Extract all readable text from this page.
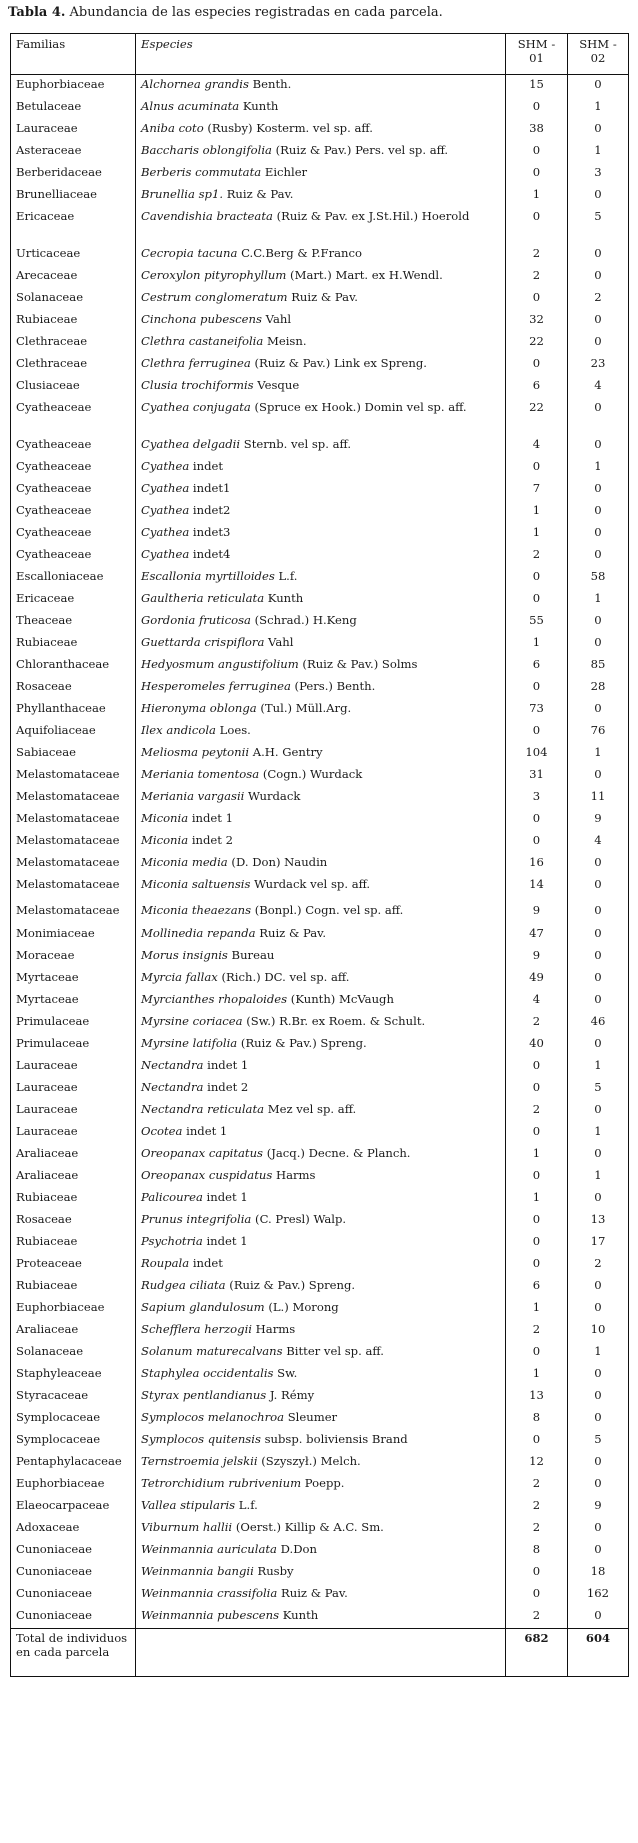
Tabla 4. Abundancia de las especies registradas en cada parcela.
Familias	Especies	SHM - 01	SHM - 02
Euphorbiaceae	Alchornea grandis Benth.	15	0
Betulaceae	Alnus acuminata Kunth	0	1
Lauraceae	Aniba coto (Rusby) Kosterm. vel sp. aff.	38	0
Asteraceae	Baccharis oblongifolia (Ruiz & Pav.) Pers. vel sp. aff.	0	1
Berberidaceae	Berberis commutata Eichler	0	3
Brunelliaceae	Brunellia sp1. Ruiz & Pav.	1	0
Ericaceae	Cavendishia bracteata (Ruiz & Pav. ex J.St.Hil.) Hoerold	0	5
Urticaceae	Cecropia tacuna C.C.Berg & P.Franco	2	0
Arecaceae	Ceroxylon pityrophyllum (Mart.) Mart. ex H.Wendl.	2	0
Solanaceae	Cestrum conglomeratum Ruiz & Pav.	0	2
Rubiaceae	Cinchona pubescens Vahl	32	0
Clethraceae	Clethra castaneifolia Meisn.	22	0
Clethraceae	Clethra ferruginea (Ruiz & Pav.) Link ex Spreng.	0	23
Clusiaceae	Clusia trochiformis Vesque	6	4
Cyatheaceae	Cyathea conjugata (Spruce ex Hook.) Domin vel sp. aff.	22	0
Cyatheaceae	Cyathea delgadii Sternb. vel sp. aff.	4	0
Cyatheaceae	Cyathea indet	0	1
Cyatheaceae	Cyathea indet1	7	0
Cyatheaceae	Cyathea indet2	1	0
Cyatheaceae	Cyathea indet3	1	0
Cyatheaceae	Cyathea indet4	2	0
Escalloniaceae	Escallonia myrtilloides L.f.	0	58
Ericaceae	Gaultheria reticulata Kunth	0	1
Theaceae	Gordonia fruticosa (Schrad.) H.Keng	55	0
Rubiaceae	Guettarda crispiflora Vahl	1	0
Chloranthaceae	Hedyosmum angustifolium (Ruiz & Pav.) Solms	6	85
Rosaceae	Hesperomeles ferruginea (Pers.) Benth.	0	28
Phyllanthaceae	Hieronyma oblonga (Tul.) Müll.Arg.	73	0
Aquifoliaceae	Ilex andicola Loes.	0	76
Sabiaceae	Meliosma peytonii A.H. Gentry	104	1
Melastomataceae	Meriania tomentosa (Cogn.) Wurdack	31	0
Melastomataceae	Meriania vargasii Wurdack	3	11
Melastomataceae	Miconia indet 1	0	9
Melastomataceae	Miconia indet 2	0	4
Melastomataceae	Miconia media (D. Don) Naudin	16	0
Melastomataceae	Miconia saltuensis Wurdack vel sp. aff.	14	0
Melastomataceae	Miconia theaezans (Bonpl.) Cogn. vel sp. aff.	9	0
Monimiaceae	Mollinedia repanda Ruiz & Pav.	47	0
Moraceae	Morus insignis Bureau	9	0
Myrtaceae	Myrcia fallax (Rich.) DC. vel sp. aff.	49	0
Myrtaceae	Myrcianthes rhopaloides (Kunth) McVaugh	4	0
Primulaceae	Myrsine coriacea (Sw.) R.Br. ex Roem. & Schult.	2	46
Primulaceae	Myrsine latifolia (Ruiz & Pav.) Spreng.	40	0
Lauraceae	Nectandra indet 1	0	1
Lauraceae	Nectandra indet 2	0	5
Lauraceae	Nectandra reticulata Mez vel sp. aff.	2	0
Lauraceae	Ocotea indet 1	0	1
Araliaceae	Oreopanax capitatus (Jacq.) Decne. & Planch.	1	0
Araliaceae	Oreopanax cuspidatus Harms	0	1
Rubiaceae	Palicourea indet 1	1	0
Rosaceae	Prunus integrifolia (C. Presl) Walp.	0	13
Rubiaceae	Psychotria indet 1	0	17
Proteaceae	Roupala indet	0	2
Rubiaceae	Rudgea ciliata (Ruiz & Pav.) Spreng.	6	0
Euphorbiaceae	Sapium glandulosum (L.) Morong	1	0
Araliaceae	Schefflera herzogii Harms	2	10
Solanaceae	Solanum maturecalvans Bitter vel sp. aff.	0	1
Staphyleaceae	Staphylea occidentalis Sw.	1	0
Styracaceae	Styrax pentlandianus J. Rémy	13	0
Symplocaceae	Symplocos melanochroa Sleumer	8	0
Symplocaceae	Symplocos quitensis subsp. boliviensis Brand	0	5
Pentaphylacaceae	Ternstroemia jelskii (Szyszył.) Melch.	12	0
Euphorbiaceae	Tetrorchidium rubrivenium Poepp.	2	0
Elaeocarpaceae	Vallea stipularis L.f.	2	9
Adoxaceae	Viburnum hallii (Oerst.) Killip & A.C. Sm.	2	0
Cunoniaceae	Weinmannia auriculata D.Don	8	0
Cunoniaceae	Weinmannia bangii Rusby	0	18
Cunoniaceae	Weinmannia crassifolia Ruiz & Pav.	0	162
Cunoniaceae	Weinmannia pubescens Kunth	2	0
Total de individuos en cada parcela		682	604
